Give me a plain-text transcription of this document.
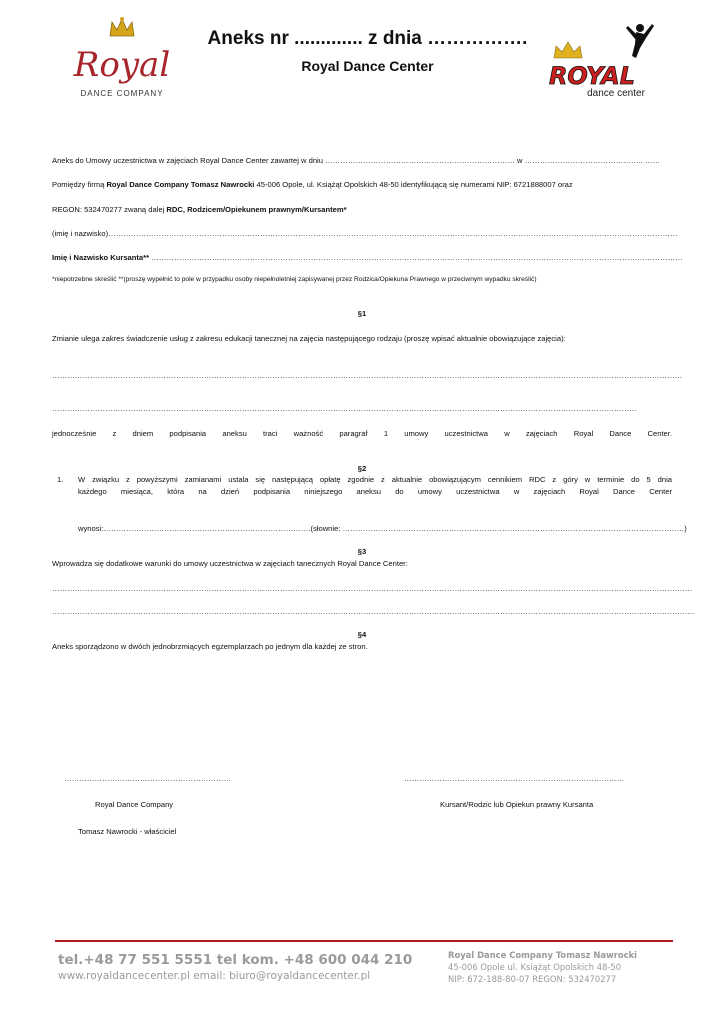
Royal
DANCE COMPANY
Aneks nr ............. z dnia …………….
Royal Dance Center	ROYAL
dance center
Aneks do Umowy uczestnictwa w zajęciach Royal Dance Center zawartej w dniu ………………………………………………………………… w ……………………………………….. ……
Pomiędzy firmą Royal Dance Company Tomasz Nawrocki 45-006 Opole, ul. Książąt Opolskich 48-50 identyfikującą się numerami NIP: 6721888007 oraz
REGON: 532470277 zwaną dalej RDC, Rodzicem/Opiekunem prawnym/Kursantem*
(imię i nazwisko)………………………………………………………………………………………………………………………………………………………………………………………………………
Imię i Nazwisko Kursanta** …………………………………………………………………………………………………………………………………………………………………………………………
*niepotrzebne skreślić **(proszę wypełnić to pole w przypadku osoby niepełnoletniej zapisywanej przez Rodzica/Opiekuna Prawnego w przeciwnym wypadku skreślić)
§1
Zmianie ulega zakres świadczenie usług z zakresu edukacji tanecznej na zajęcia następującego rodzaju (proszę wpisać aktualnie obowiązujące zajęcia):
……………………………………………………………………………………………………………………………………………………………………………………………………………………………
……………………………………………………………………………………………………………………………………………………………………………………………………………
jednocześnie z dniem podpisania aneksu traci ważność paragraf 1 umowy uczestnictwa w zajęciach Royal Dance Center.
§2
1. W związku z powyższymi zamianami ustala się następującą opłatę zgodnie z aktualnie obowiązującym cennikiem RDC z góry w terminie do 5 dnia
każdego miesiąca, która na dzień podpisania niniejszego aneksu do umowy uczestnictwa w zajęciach Royal Dance Center
wynosi:……………………………………………………………………….(słownie: ………………………………………………………………………………………………………………………)
§3
Wprowadza się dodatkowe warunki do umowy uczestnictwa w zajęciach tanecznych Royal Dance Center:
……………………………………………………………………………………………………………………………………………………………………………………………………………………………….
………………………………………………………………………………………………………………………………………………………………………………………………………………………………..
§4
Aneks sporządzono w dwóch jednobrzmiących egzemplarzach po jednym dla każdej ze stron.
…………………………………………………………	……………………………………………………………………………
Royal Dance Company	Kursant/Rodzic lub Opiekun prawny Kursanta
Tomasz Nawrocki - właściciel
tel.+48 77 551 5551 tel kom. +48 600 044 210
www.royaldancecenter.pl email: biuro@royaldancecenter.pl
Royal Dance Company Tomasz Nawrocki
45-006 Opole ul. Książąt Opolskich 48-50
NIP: 672-188-80-07 REGON: 532470277
